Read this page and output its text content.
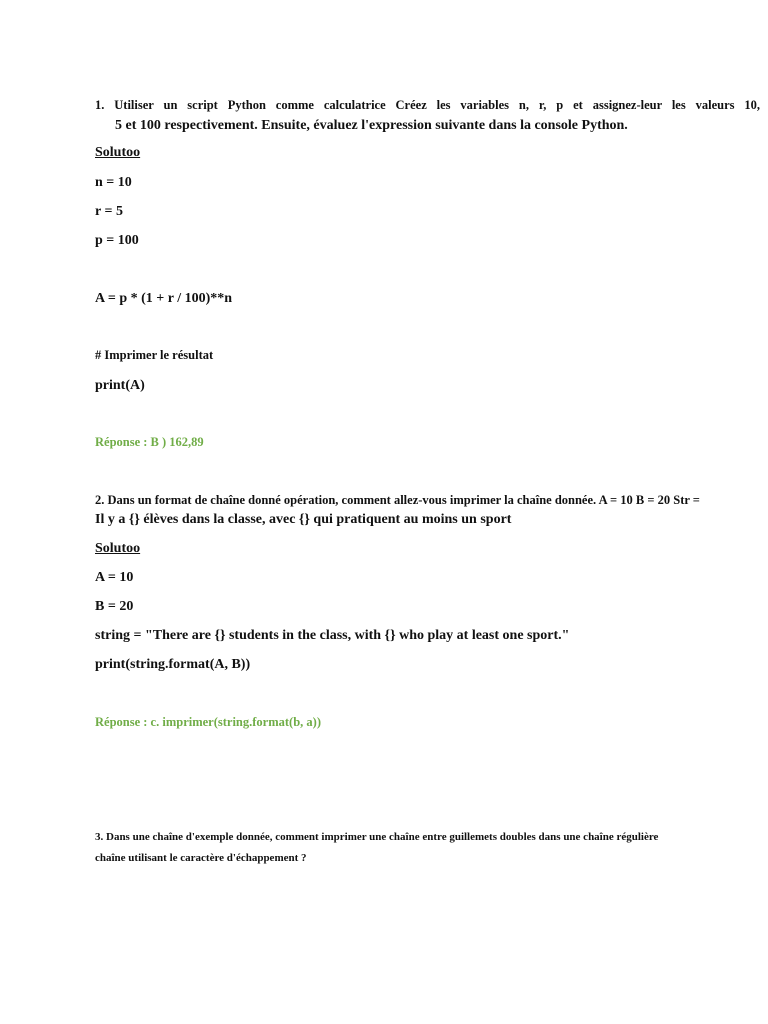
1. Utiliser un script Python comme calculatrice Créez les variables n, r, p et assignez-leur les valeurs 10,
5 et 100 respectivement. Ensuite, évaluez l'expression suivante dans la console Python.
Solutoo
n = 10
r = 5
p = 100
A = p * (1 + r / 100)**n
# Imprimer le résultat
print(A)
Réponse : B ) 162,89
2. Dans un format de chaîne donné opération, comment allez-vous imprimer la chaîne donnée. A = 10 B = 20 Str =
Il y a {} élèves dans la classe, avec {} qui pratiquent au moins un sport
Solutoo
A = 10
B = 20
string = "There are {} students in the class, with {} who play at least one sport."
print(string.format(A, B))
Réponse : c. imprimer(string.format(b, a))
3. Dans une chaîne d'exemple donnée, comment imprimer une chaîne entre guillemets doubles dans une chaîne régulière
chaîne utilisant le caractère d'échappement ?
